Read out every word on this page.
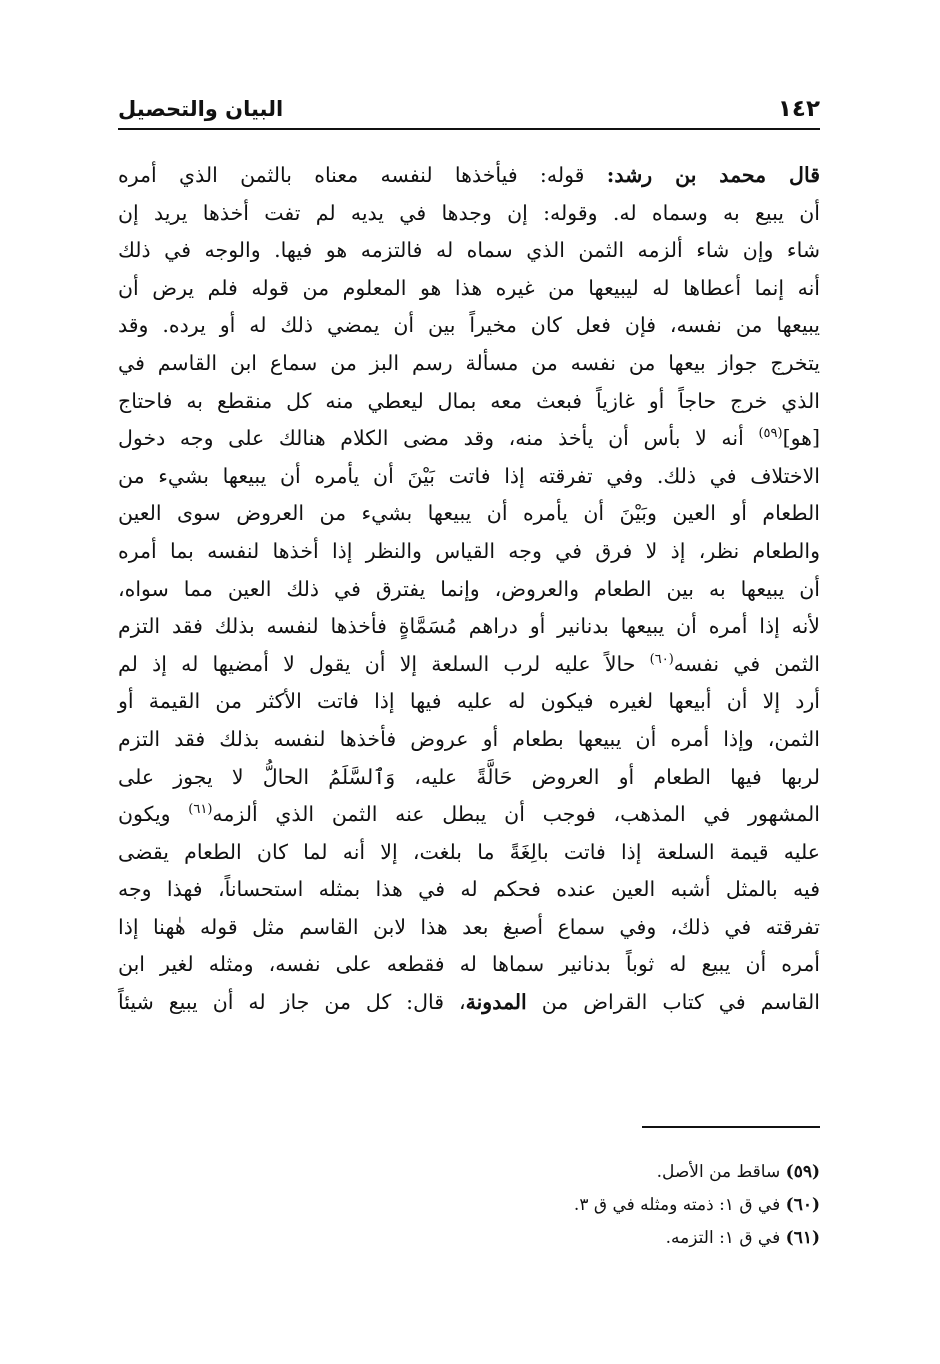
١٤٢
البيان والتحصيل
قال محمد بن رشد: قوله: فيأخذها لنفسه معناه بالثمن الذي أمره
أن يبيع به وسماه له. وقوله: إن وجدها في يديه لم تفت أخذها يريد إن
شاء وإن شاء ألزمه الثمن الذي سماه له فالتزمه هو فيها. والوجه في ذلك
أنه إنما أعطاها له ليبيعها من غيره هذا هو المعلوم من قوله فلم يرض أن
يبيعها من نفسه، فإن فعل كان مخيراً بين أن يمضي ذلك له أو يرده. وقد
يتخرج جواز بيعها من نفسه من مسألة رسم البز من سماع ابن القاسم في
الذي خرج حاجاً أو غازياً فبعث معه بمال ليعطي منه كل منقطع به فاحتاج
[هو]$^{(٥٩)}$ أنه لا بأس أن يأخذ منه، وقد مضى الكلام هنالك على وجه دخول
الاختلاف في ذلك. وفي تفرقته إذا فاتت بَيْنَ أن يأمره أن يبيعها بشيء من
الطعام أو العين وبَيْنَ أن يأمره أن يبيعها بشيء من العروض سوى العين
والطعام نظر، إذ لا فرق في وجه القياس والنظر إذا أخذها لنفسه بما أمره
أن يبيعها به بين الطعام والعروض، وإنما يفترق في ذلك العين مما سواه،
لأنه إذا أمره أن يبيعها بدنانير أو دراهم مُسَمَّاةٍ فأخذها لنفسه بذلك فقد التزم
الثمن في نفسه$^{(٦٠)}$ حالاً عليه لرب السلعة إلا أن يقول لا أمضيها له إذ لم
أرد إلا أن أبيعها لغيره فيكون له عليه فيها إذا فاتت الأكثر من القيمة أو
الثمن، وإذا أمره أن يبيعها بطعام أو عروض فأخذها لنفسه بذلك فقد التزم
لربها فيها الطعام أو العروض حَالَّةً عليه، وَٱلسَّلَمُ الحالُّ لا يجوز على
المشهور في المذهب، فوجب أن يبطل عنه الثمن الذي ألزمه$^{(٦١)}$ ويكون
عليه قيمة السلعة إذا فاتت بالِغَةً ما بلغت، إلا أنه لما كان الطعام يقضى
فيه بالمثل أشبه العين عنده فحكم له في هذا بمثله استحساناً، فهذا وجه
تفرقته في ذلك، وفي سماع أصبغ بعد هذا لابن القاسم مثل قوله هٰهنا إذا
أمره أن يبيع له ثوباً بدنانير سماها له فقطعه على نفسه، ومثله لغير ابن
القاسم في كتاب القراض من المدونة، قال: كل من جاز له أن يبيع شيئاً
(٥٩) ساقط من الأصل.
(٦٠) في ق ١: ذمته ومثله في ق ٣.
(٦١) في ق ١: التزمه.
